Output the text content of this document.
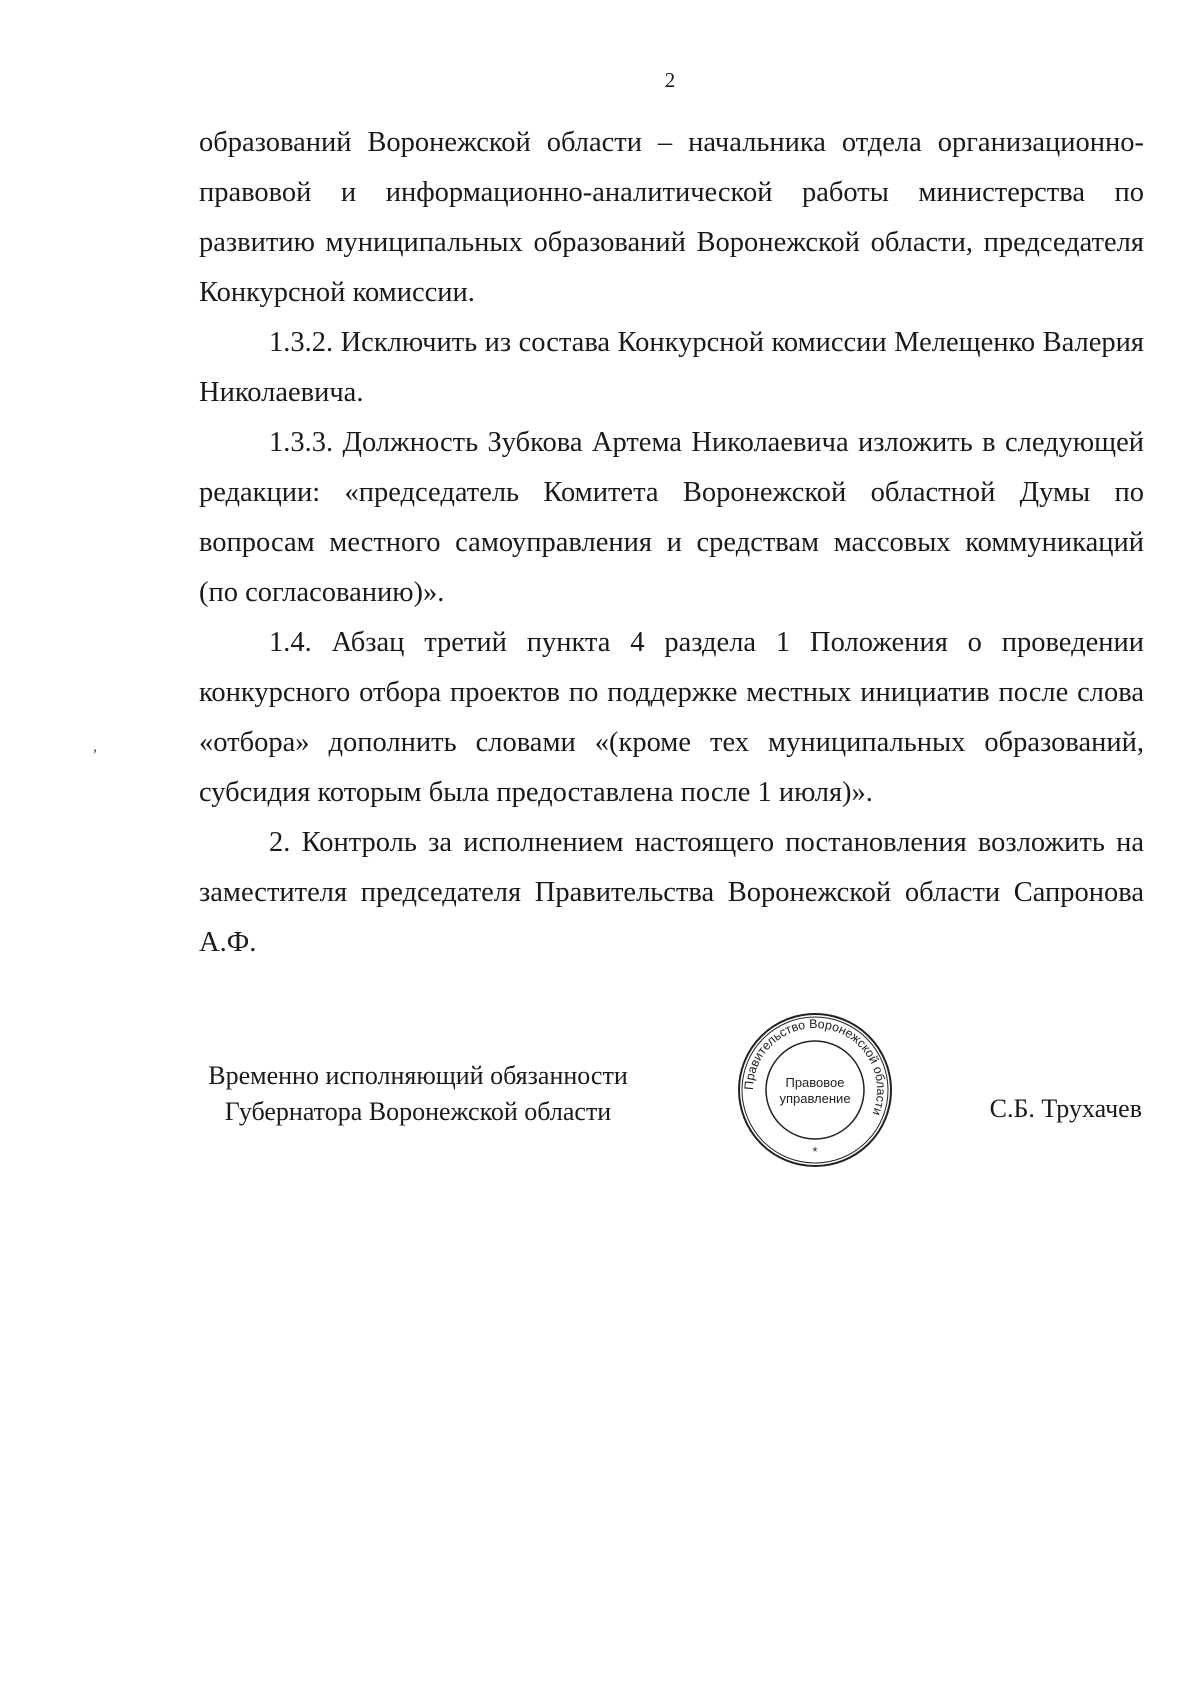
2

образований Воронежской области – начальника отдела организационно-правовой и информационно-аналитической работы министерства по развитию муниципальных образований Воронежской области, председателя Конкурсной комиссии.

1.3.2. Исключить из состава Конкурсной комиссии Мелещенко Валерия Николаевича.

1.3.3. Должность Зубкова Артема Николаевича изложить в следующей редакции: «председатель Комитета Воронежской областной Думы по вопросам местного самоуправления и средствам массовых коммуникаций (по согласованию)».

1.4. Абзац третий пункта 4 раздела 1 Положения о проведении конкурсного отбора проектов по поддержке местных инициатив после слова «отбора» дополнить словами «(кроме тех муниципальных образований, субсидия которым была предоставлена после 1 июля)».

2. Контроль за исполнением настоящего постановления возложить на заместителя председателя Правительства Воронежской области Сапронова А.Ф.

,
Временно исполняющий обязанности
Губернатора Воронежской области
Правительство Воронежской области
Правовое
управление
*
С.Б. Трухачев
